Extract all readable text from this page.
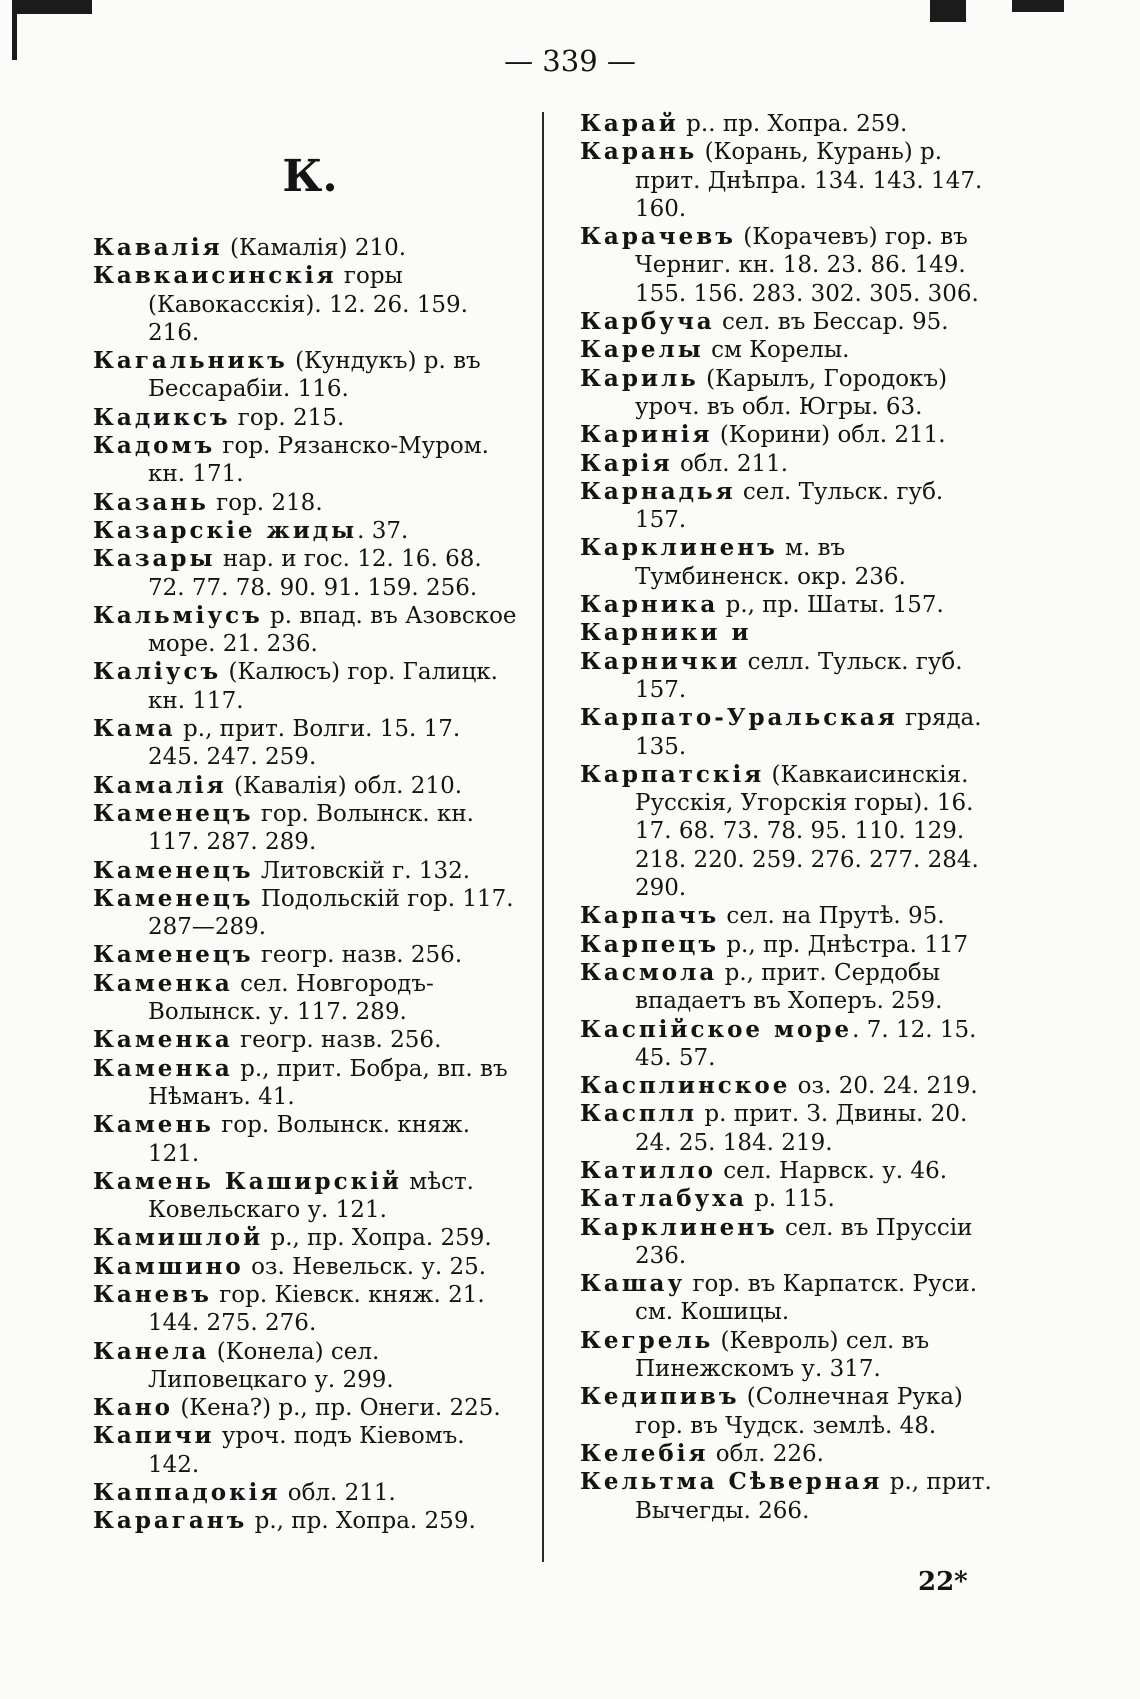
— 339 —
К.

Кавалія (Камалія) 210.

Кавкаисинскія горы (Кавокасскія). 12. 26. 159. 216.

Кагальникъ (Кундукъ) р. въ Бессарабіи. 116.

Кадиксъ гор. 215.

Кадомъ гор. Рязанско-Муром. кн. 171.

Казань гор. 218.

Казарскіе жиды. 37.

Казары нар. и гос. 12. 16. 68. 72. 77. 78. 90. 91. 159. 256.

Кальміусъ р. впад. въ Азовское море. 21. 236.

Каліусъ (Калюсъ) гор. Галицк. кн. 117.

Кама р., прит. Волги. 15. 17. 245. 247. 259.

Камалія (Кавалія) обл. 210.

Каменецъ гор. Волынск. кн. 117. 287. 289.

Каменецъ Литовскій г. 132.

Каменецъ Подольскій гор. 117. 287—289.

Каменецъ геогр. назв. 256.

Каменка сел. Новгородъ-Волынск. у. 117. 289.

Каменка геогр. назв. 256.

Каменка р., прит. Бобра, вп. въ Нѣманъ. 41.

Камень гор. Волынск. княж. 121.

Камень Каширскій мѣст. Ковельскаго у. 121.

Камишлой р., пр. Хопра. 259.

Камшино оз. Невельск. у. 25.

Каневъ гор. Кіевск. княж. 21. 144. 275. 276.

Канела (Конела) сел. Липовецкаго у. 299.

Кано (Кена?) р., пр. Онеги. 225.

Капичи уроч. подъ Кіевомъ. 142.

Каппадокія обл. 211.

Караганъ р., пр. Хопра. 259.

Карай р.. пр. Хопра. 259.

Карань (Корань, Курань) р. прит. Днѣпра. 134. 143. 147. 160.

Карачевъ (Корачевъ) гор. въ Черниг. кн. 18. 23. 86. 149. 155. 156. 283. 302. 305. 306.

Карбуча сел. въ Бессар. 95.

Карелы см Корелы.

Кариль (Карылъ, Городокъ) уроч. въ обл. Югры. 63.

Каринія (Корини) обл. 211.

Карія обл. 211.

Карнадья сел. Тульск. губ. 157.

Карклиненъ м. въ Тумбиненск. окр. 236.

Карника р., пр. Шаты. 157.

Карники и

Карнички селл. Тульск. губ. 157.

Карпато-Уральская гряда. 135.

Карпатскія (Кавкаисинскія. Русскія, Угорскія горы). 16. 17. 68. 73. 78. 95. 110. 129. 218. 220. 259. 276. 277. 284. 290.

Карпачъ сел. на Прутѣ. 95.

Карпецъ р., пр. Днѣстра. 117

Касмола р., прит. Сердобы впадаетъ въ Хоперъ. 259.

Каспійское море. 7. 12. 15. 45. 57.

Касплинское оз. 20. 24. 219.

Касплл р. прит. З. Двины. 20. 24. 25. 184. 219.

Катилло сел. Нарвск. у. 46.

Катлабуха р. 115.

Карклиненъ сел. въ Пруссіи 236.

Кашау гор. въ Карпатск. Руси. см. Кошицы.

Кегрель (Кевроль) сел. въ Пинежскомъ у. 317.

Кедипивъ (Солнечная Рука) гор. въ Чудск. землѣ. 48.

Келебія обл. 226.

Кельтма Сѣверная р., прит. Вычегды. 266.

22*
